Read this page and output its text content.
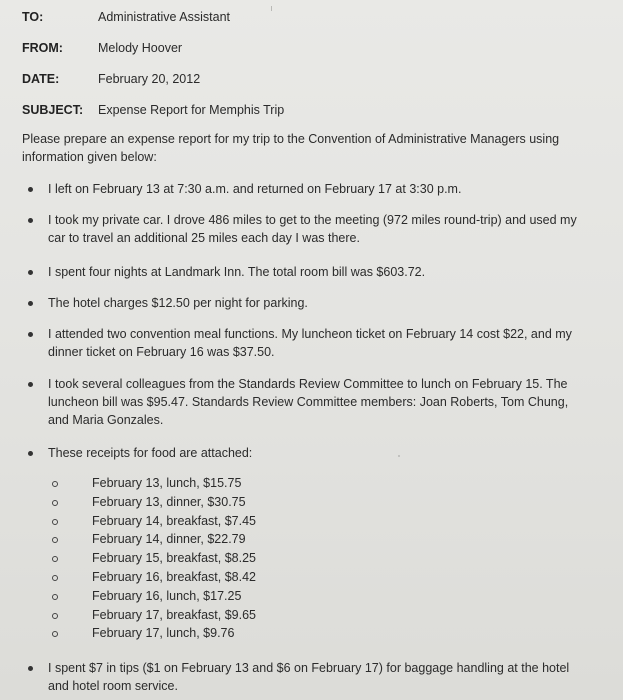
TO:	Administrative Assistant
FROM:	Melody Hoover
DATE:	February 20, 2012
SUBJECT: Expense Report for Memphis Trip
Please prepare an expense report for my trip to the Convention of Administrative Managers using information given below:
I left on February 13 at 7:30 a.m. and returned on February 17 at 3:30 p.m.
I took my private car. I drove 486 miles to get to the meeting (972 miles round-trip) and used my car to travel an additional 25 miles each day I was there.
I spent four nights at Landmark Inn. The total room bill was $603.72.
The hotel charges $12.50 per night for parking.
I attended two convention meal functions. My luncheon ticket on February 14 cost $22, and my dinner ticket on February 16 was $37.50.
I took several colleagues from the Standards Review Committee to lunch on February 15. The luncheon bill was $95.47. Standards Review Committee members: Joan Roberts, Tom Chung, and Maria Gonzales.
These receipts for food are attached:
February 13, lunch, $15.75
February 13, dinner, $30.75
February 14, breakfast, $7.45
February 14, dinner, $22.79
February 15, breakfast, $8.25
February 16, breakfast, $8.42
February 16, lunch, $17.25
February 17, breakfast, $9.65
February 17, lunch, $9.76
I spent $7 in tips ($1 on February 13 and $6 on February 17) for baggage handling at the hotel and hotel room service.
